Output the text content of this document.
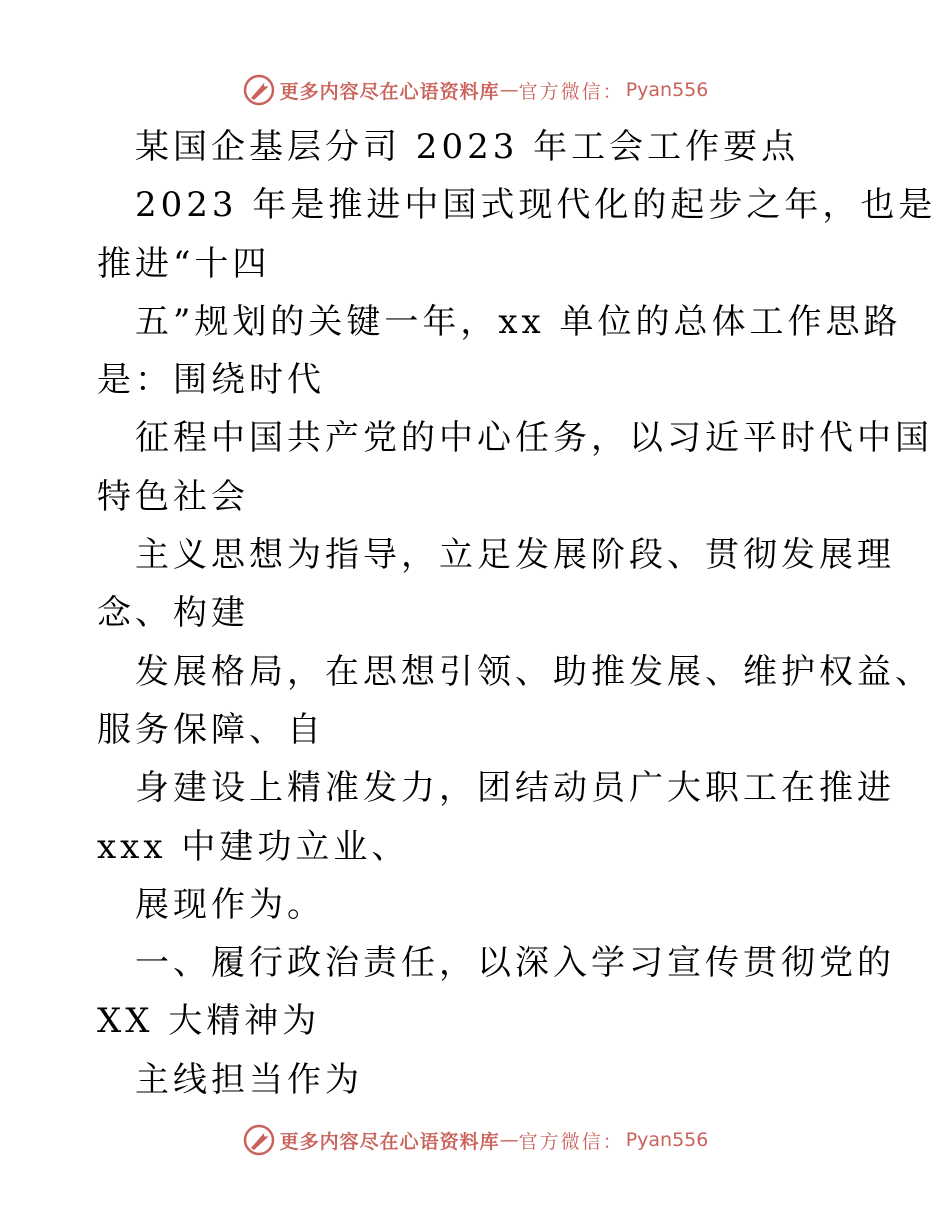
更多内容尽在心语资料库 — 官方微信： Pyan556
某国企基层分司 2023 年工会工作要点
2023 年是推进中国式现代化的起步之年，也是
推进“十四
五”规划的关键一年，xx 单位的总体工作思路
是：围绕时代
征程中国共产党的中心任务，以习近平时代中国
特色社会
主义思想为指导，立足发展阶段、贯彻发展理
念、构建
发展格局，在思想引领、助推发展、维护权益、
服务保障、自
身建设上精准发力，团结动员广大职工在推进
xxx 中建功立业、
展现作为。
一、履行政治责任，以深入学习宣传贯彻党的
XX 大精神为
主线担当作为
更多内容尽在心语资料库 — 官方微信： Pyan556
